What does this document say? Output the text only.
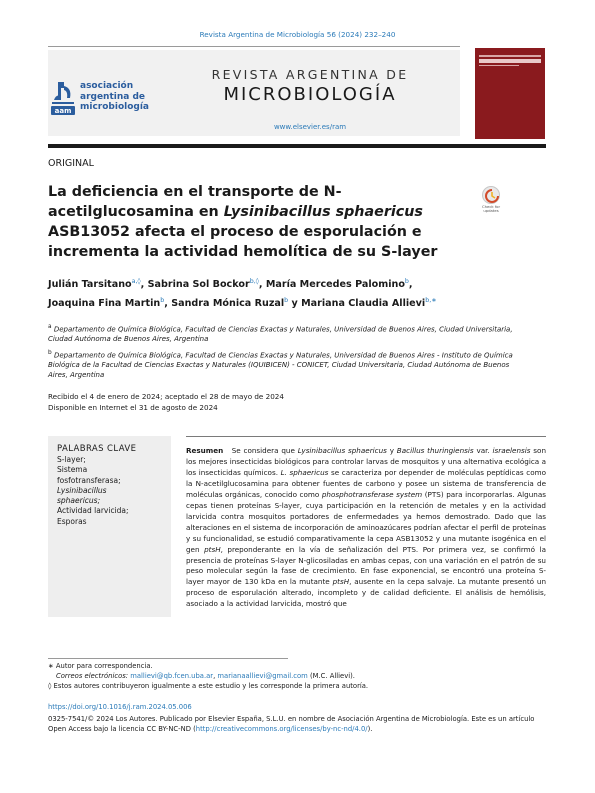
Revista Argentina de Microbiología 56 (2024) 232–240
aam
asociación
argentina de
microbiología
REVISTA ARGENTINA DE
MICROBIOLOGÍA
www.elsevier.es/ram
ORIGINAL
La deficiencia en el transporte de N-acetilglucosamina en Lysinibacillus sphaericus ASB13052 afecta el proceso de esporulación e incrementa la actividad hemolítica de su S-layer
Check for updates
Julián Tarsitano$^{a,◊}$, Sabrina Sol Bockor$^{b,◊}$, María Mercedes Palomino$^b$,
Joaquina Fina Martin$^b$, Sandra Mónica Ruzal$^b$ y Mariana Claudia Allievi$^{b,∗}$
$^a$ Departamento de Química Biológica, Facultad de Ciencias Exactas y Naturales, Universidad de Buenos Aires, Ciudad Universitaria, Ciudad Autónoma de Buenos Aires, Argentina
$^b$ Departamento de Química Biológica, Facultad de Ciencias Exactas y Naturales, Universidad de Buenos Aires - Instituto de Química Biológica de la Facultad de Ciencias Exactas y Naturales (IQUIBICEN) - CONICET, Ciudad Universitaria, Ciudad Autónoma de Buenos Aires, Argentina
Recibido el 4 de enero de 2024; aceptado el 28 de mayo de 2024
Disponible en Internet el 31 de agosto de 2024
PALABRAS CLAVE
S-layer;
Sistema
fosfotransferasa;
Lysinibacillus
sphaericus;
Actividad larvicida;
Esporas
Resumen Se considera que Lysinibacillus sphaericus y Bacillus thuringiensis var. israelensis son los mejores insecticidas biológicos para controlar larvas de mosquitos y una alternativa ecológica a los insecticidas químicos. L. sphaericus se caracteriza por depender de moléculas peptídicas como la N-acetilglucosamina para obtener fuentes de carbono y posee un sistema de transferencia de moléculas orgánicas, conocido como phosphotransferase system (PTS) para incorporarlas. Algunas cepas tienen proteínas S-layer, cuya participación en la retención de metales y en la actividad larvicida contra mosquitos portadores de enfermedades ya hemos demostrado. Dado que las alteraciones en el sistema de incorporación de aminoazúcares podrían afectar el perfil de proteínas y su funcionalidad, se estudió comparativamente la cepa ASB13052 y una mutante isogénica en el gen ptsH, preponderante en la vía de señalización del PTS. Por primera vez, se confirmó la presencia de proteínas S-layer N-glicosiladas en ambas cepas, con una variación en el patrón de su peso molecular según la fase de crecimiento. En fase exponencial, se encontró una proteína S-layer mayor de 130 kDa en la mutante ptsH, ausente en la cepa salvaje. La mutante presentó un proceso de esporulación alterado, incompleto y de calidad deficiente. El análisis de hemólisis, asociado a la actividad larvicida, mostró que
∗ Autor para correspondencia.
Correos electrónicos: mallievi@qb.fcen.uba.ar, marianaallievi@gmail.com (M.C. Allievi).
◊ Estos autores contribuyeron igualmente a este estudio y les corresponde la primera autoría.
https://doi.org/10.1016/j.ram.2024.05.006
0325-7541/© 2024 Los Autores. Publicado por Elsevier España, S.L.U. en nombre de Asociación Argentina de Microbiología. Este es un artículo Open Access bajo la licencia CC BY-NC-ND (http://creativecommons.org/licenses/by-nc-nd/4.0/).
